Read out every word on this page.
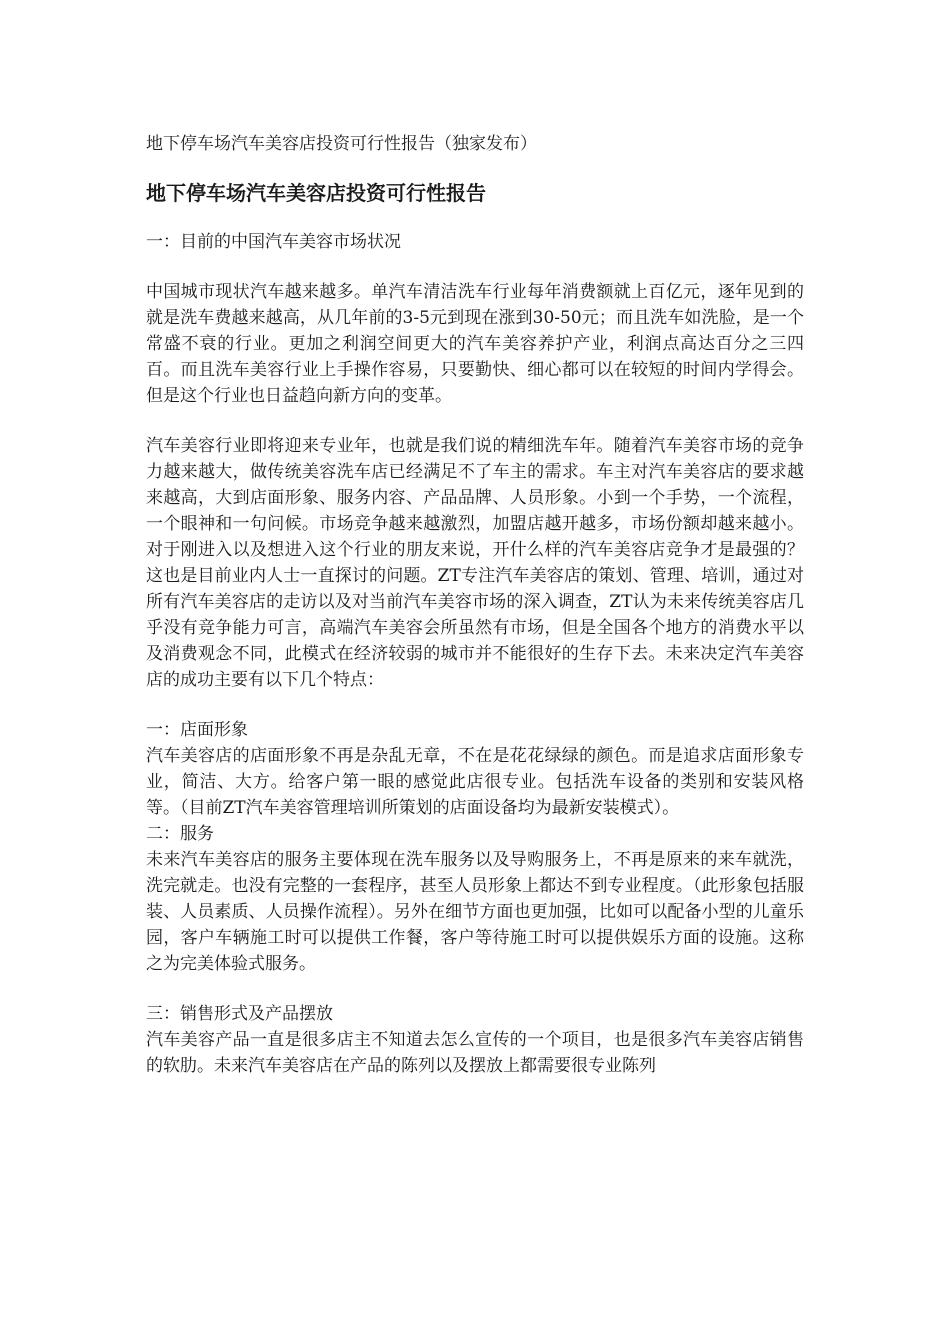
地下停车场汽车美容店投资可行性报告（独家发布）
地下停车场汽车美容店投资可行性报告

一：目前的中国汽车美容市场状况

中国城市现状汽车越来越多。单汽车清洁洗车行业每年消费额就上百亿元，逐年见到的就是洗车费越来越高，从几年前的3-5元到现在涨到30-50元；而且洗车如洗脸，是一个常盛不衰的行业。更加之利润空间更大的汽车美容养护产业，利润点高达百分之三四百。而且洗车美容行业上手操作容易，只要勤快、细心都可以在较短的时间内学得会。但是这个行业也日益趋向新方向的变革。

汽车美容行业即将迎来专业年，也就是我们说的精细洗车年。随着汽车美容市场的竞争力越来越大，做传统美容洗车店已经满足不了车主的需求。车主对汽车美容店的要求越来越高，大到店面形象、服务内容、产品品牌、人员形象。小到一个手势，一个流程，一个眼神和一句问候。市场竞争越来越激烈，加盟店越开越多，市场份额却越来越小。对于刚进入以及想进入这个行业的朋友来说，开什么样的汽车美容店竞争才是最强的？这也是目前业内人士一直探讨的问题。ZT专注汽车美容店的策划、管理、培训，通过对所有汽车美容店的走访以及对当前汽车美容市场的深入调查，ZT认为未来传统美容店几乎没有竞争能力可言，高端汽车美容会所虽然有市场，但是全国各个地方的消费水平以及消费观念不同，此模式在经济较弱的城市并不能很好的生存下去。未来决定汽车美容店的成功主要有以下几个特点：

一：店面形象

汽车美容店的店面形象不再是杂乱无章，不在是花花绿绿的颜色。而是追求店面形象专业，简洁、大方。给客户第一眼的感觉此店很专业。包括洗车设备的类别和安装风格等。（目前ZT汽车美容管理培训所策划的店面设备均为最新安装模式）。

二：服务

未来汽车美容店的服务主要体现在洗车服务以及导购服务上，不再是原来的来车就洗，洗完就走。也没有完整的一套程序，甚至人员形象上都达不到专业程度。（此形象包括服装、人员素质、人员操作流程）。另外在细节方面也更加强，比如可以配备小型的儿童乐园，客户车辆施工时可以提供工作餐，客户等待施工时可以提供娱乐方面的设施。这称之为完美体验式服务。

三：销售形式及产品摆放

汽车美容产品一直是很多店主不知道去怎么宣传的一个项目，也是很多汽车美容店销售的软肋。未来汽车美容店在产品的陈列以及摆放上都需要很专业陈列
